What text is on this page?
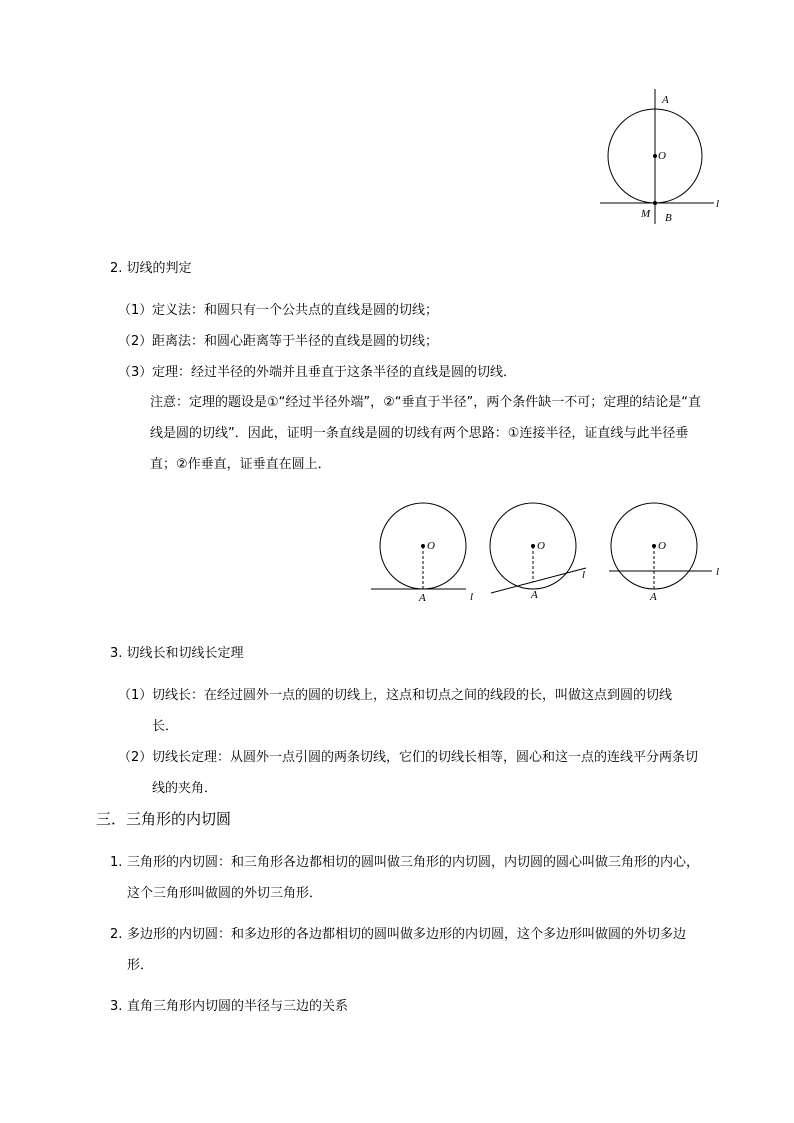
A
O
M B
l
2. 切线的判定
（1）定义法：和圆只有一个公共点的直线是圆的切线；
（2）距离法：和圆心距离等于半径的直线是圆的切线；
（3）定理：经过半径的外端并且垂直于这条半径的直线是圆的切线．
注意：定理的题设是①“经过半径外端”，②“垂直于半径”，两个条件缺一不可；定理的结论是“直
线是圆的切线”．因此，证明一条直线是圆的切线有两个思路：①连接半径，证直线与此半径垂
直；②作垂直，证垂直在圆上．
O
A	l
O
A
l
O
A
l
3. 切线长和切线长定理
（1）切线长：在经过圆外一点的圆的切线上，这点和切点之间的线段的长，叫做这点到圆的切线
长．
（2）切线长定理：从圆外一点引圆的两条切线，它们的切线长相等，圆心和这一点的连线平分两条切
线的夹角．
三．三角形的内切圆
1. 三角形的内切圆：和三角形各边都相切的圆叫做三角形的内切圆，内切圆的圆心叫做三角形的内心，
这个三角形叫做圆的外切三角形．
2. 多边形的内切圆：和多边形的各边都相切的圆叫做多边形的内切圆，这个多边形叫做圆的外切多边
形．
3. 直角三角形内切圆的半径与三边的关系
